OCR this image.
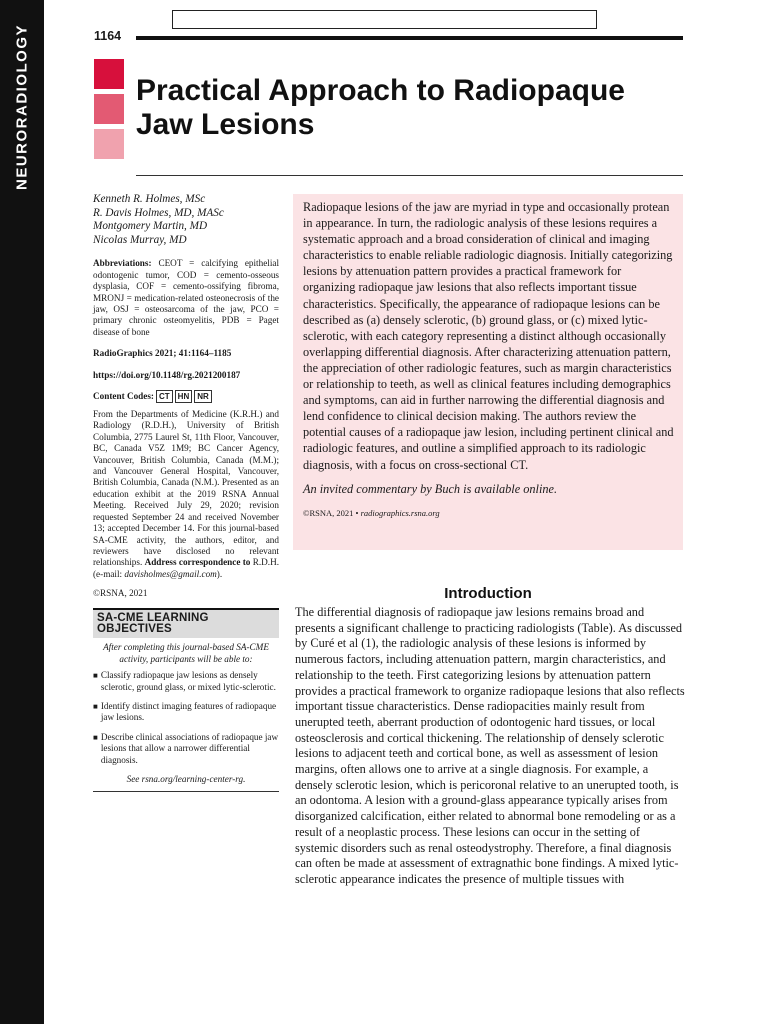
NEURORADIOLOGY	1164
Practical Approach to Radiopaque
Jaw Lesions
Kenneth R. Holmes, MSc
R. Davis Holmes, MD, MASc
Montgomery Martin, MD
Nicolas Murray, MD
Abbreviations: CEOT = calcifying epithelial odontogenic tumor, COD = cemento-osseous dysplasia, COF = cemento-ossifying fibroma, MRONJ = medication-related osteonecrosis of the jaw, OSJ = osteosarcoma of the jaw, PCO = primary chronic osteomyelitis, PDB = Paget disease of bone
RadioGraphics 2021; 41:1164–1185
https://doi.org/10.1148/rg.2021200187
Content Codes: CT	HN	NR
From the Departments of Medicine (K.R.H.) and Radiology (R.D.H.), University of British Columbia, 2775 Laurel St, 11th Floor, Vancouver, BC, Canada V5Z 1M9; BC Cancer Agency, Vancouver, British Columbia, Canada (M.M.); and Vancouver General Hospital, Vancouver, British Columbia, Canada (N.M.). Presented as an education exhibit at the 2019 RSNA Annual Meeting. Received July 29, 2020; revision requested September 24 and received November 13; accepted December 14. For this journal-based SA-CME activity, the authors, editor, and reviewers have disclosed no relevant relationships. Address correspondence to R.D.H. (e-mail: davisholmes@gmail.com).
©RSNA, 2021
SA-CME LEARNING OBJECTIVES
After completing this journal-based SA-CME activity, participants will be able to:
■ Classify radiopaque jaw lesions as densely sclerotic, ground glass, or mixed lytic-sclerotic.
■ Identify distinct imaging features of radiopaque jaw lesions.
■ Describe clinical associations of radiopaque jaw lesions that allow a narrower differential diagnosis.
See rsna.org/learning-center-rg.
Radiopaque lesions of the jaw are myriad in type and occasionally protean in appearance. In turn, the radiologic analysis of these lesions requires a systematic approach and a broad consideration of clinical and imaging characteristics to enable reliable radiologic diagnosis. Initially categorizing lesions by attenuation pattern provides a practical framework for organizing radiopaque jaw lesions that also reflects important tissue characteristics. Specifically, the appearance of radiopaque lesions can be described as (a) densely sclerotic, (b) ground glass, or (c) mixed lytic-sclerotic, with each category representing a distinct although occasionally overlapping differential diagnosis. After characterizing attenuation pattern, the appreciation of other radiologic features, such as margin characteristics or relationship to teeth, as well as clinical features including demographics and symptoms, can aid in further narrowing the differential diagnosis and lend confidence to clinical decision making. The authors review the potential causes of a radiopaque jaw lesion, including pertinent clinical and radiologic features, and outline a simplified approach to its radiologic diagnosis, with a focus on cross-sectional CT.
An invited commentary by Buch is available online.
©RSNA, 2021 • radiographics.rsna.org
Introduction
The differential diagnosis of radiopaque jaw lesions remains broad and presents a significant challenge to practicing radiologists (Table). As discussed by Curé et al (1), the radiologic analysis of these lesions is informed by numerous factors, including attenuation pattern, margin characteristics, and relationship to the teeth. First categorizing lesions by attenuation pattern provides a practical framework to organize radiopaque lesions that also reflects important tissue characteristics. Dense radiopacities mainly result from unerupted teeth, aberrant production of odontogenic hard tissues, or local osteosclerosis and cortical thickening. The relationship of densely sclerotic lesions to adjacent teeth and cortical bone, as well as assessment of lesion margins, often allows one to arrive at a single diagnosis. For example, a densely sclerotic lesion, which is pericoronal relative to an unerupted tooth, is an odontoma. A lesion with a ground-glass appearance typically arises from disorganized calcification, either related to abnormal bone remodeling or as a result of a neoplastic process. These lesions can occur in the setting of systemic disorders such as renal osteodystrophy. Therefore, a final diagnosis can often be made at assessment of extragnathic bone findings. A mixed lytic-sclerotic appearance indicates the presence of multiple tissues with
